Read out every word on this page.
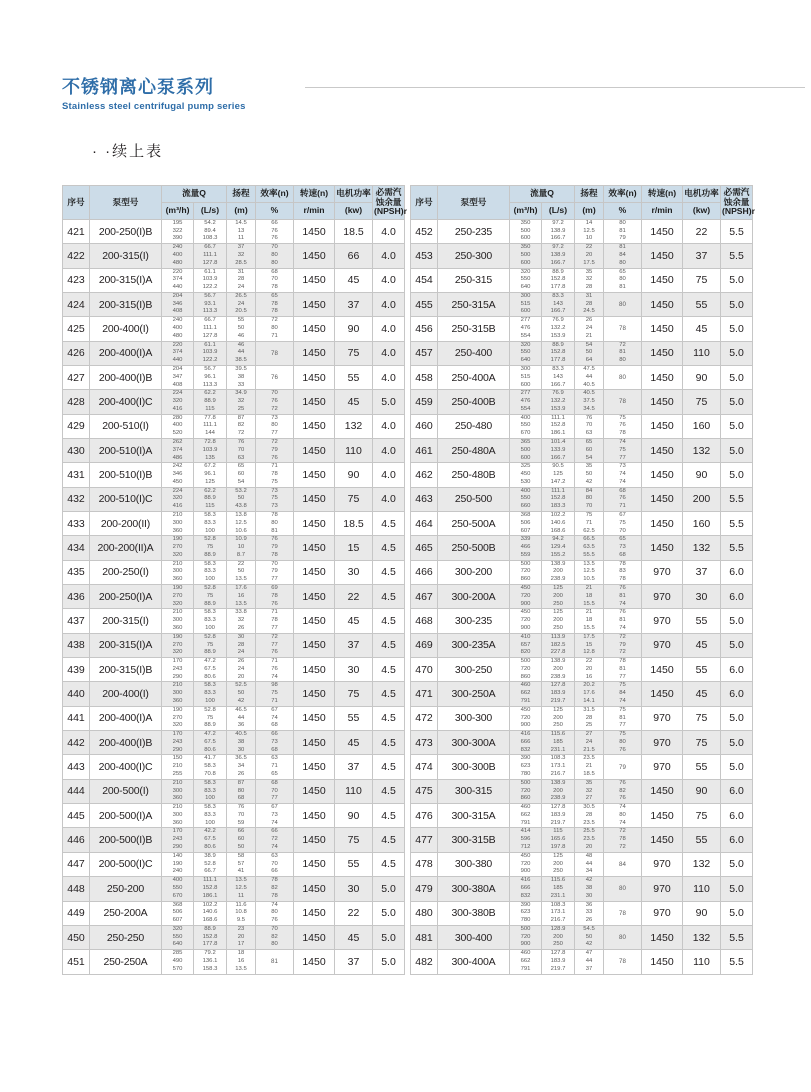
不锈钢离心泵系列

Stainless steel centrifugal pump series

· ·续上表
序号	泵型号	流量Q		扬程	效率(n)	转速(n)	电机功率	必需汽蚀余量
(NPSH)r
		(m³/h)	(L/s)	(m)	%	r/min	(kw)	
421	200-250(I)B	195
322
390	54.2
89.4
108.3	14.5
13
11	66
76
76	1450	18.5	4.0
422	200-315(I)	240
400
480	66.7
111.1
127.8	37
32
28.5	70
80
80	1450	66	4.0
423	200-315(I)A	220
374
440	61.1
103.9
122.2	31
28
24	68
70
78	1450	45	4.0
424	200-315(I)B	204
346
408	56.7
93.1
113.3	26.5
24
20.5	65
78
78	1450	37	4.0
425	200-400(I)	240
400
480	66.7
111.1
127.8	55
50
46	72
80
71	1450	90	4.0
426	200-400(I)A	220
374
440	61.1
103.9
122.2	46
44
38.5	78	1450	75	4.0
427	200-400(I)B	204
347
408	56.7
96.1
113.3	39.5
38
33	76	1450	55	4.0
428	200-400(I)C	224
320
416	62.2
88.9
115	34.9
32
25	70
76
72	1450	45	5.0
429	200-510(I)	280
400
520	77.8
111.1
144	87
82
72	73
80
77	1450	132	4.0
430	200-510(I)A	262
374
486	72.8
103.9
135	76
70
63	72
79
76	1450	110	4.0
431	200-510(I)B	242
346
450	67.2
96.1
125	65
60
54	71
78
75	1450	90	4.0
432	200-510(I)C	224
320
416	62.2
88.9
115	53.2
50
43.8	73
75
73	1450	75	4.0
433	200-200(II)	210
300
360	58.3
83.3
100	13.8
12.5
10.6	78
80
81	1450	18.5	4.5
434	200-200(II)A	190
270
320	52.8
75
88.9	10.9
10
8.7	76
79
78	1450	15	4.5
435	200-250(I)	210
300
360	58.3
83.3
100	22
50
13.5	70
79
77	1450	30	4.5
436	200-250(I)A	190
270
320	52.8
75
88.9	17.6
16
13.5	69
78
76	1450	22	4.5
437	200-315(I)	210
300
360	58.3
83.3
100	33.8
32
26	71
78
77	1450	45	4.5
438	200-315(I)A	190
270
320	52.8
75
88.9	30
28
24	72
77
76	1450	37	4.5
439	200-315(I)B	170
243
290	47.2
67.5
80.6	26
24
20	71
76
74	1450	30	4.5
440	200-400(I)	210
300
360	58.3
83.3
100	52.5
50
42	98
75
71	1450	75	4.5
441	200-400(I)A	190
270
320	52.8
75
88.9	46.5
44
36	67
74
68	1450	55	4.5
442	200-400(I)B	170
243
290	47.2
67.5
80.6	40.5
38
30	66
73
68	1450	45	4.5
443	200-400(I)C	150
210
255	41.7
58.3
70.8	36.5
34
26	63
71
65	1450	37	4.5
444	200-500(I)	210
300
360	58.3
83.3
100	87
80
68	68
70
77	1450	110	4.5
445	200-500(I)A	210
300
360	58.3
83.3
100	76
70
59	67
73
74	1450	90	4.5
446	200-500(I)B	170
243
290	42.2
67.5
80.6	66
60
50	66
72
74	1450	75	4.5
447	200-500(I)C	140
190
240	38.9
52.8
66.7	58
57
41	63
70
66	1450	55	4.5
448	250-200	400
550
670	111.1
152.8
186.1	13.5
12.5
11	78
82
78	1450	30	5.0
449	250-200A	368
506
607	102.2
140.6
168.6	11.6
10.8
9.5	74
80
76	1450	22	5.0
450	250-250	320
550
640	88.9
152.8
177.8	23
20
17	70
82
80	1450	45	5.0
451	250-250A	285
490
570	79.2
136.1
158.3	18
16
13.5	81	1450	37	5.0
序号	泵型号	流量Q		扬程	效率(n)	转速(n)	电机功率	必需汽蚀余量
(NPSH)r
		(m³/h)	(L/s)	(m)	%	r/min	(kw)	
452	250-235	350
500
600	97.2
138.9
166.7	14
12.5
10	80
81
79	1450	22	5.5
453	250-300	350
500
600	97.2
138.9
166.7	22
20
17.5	81
84
80	1450	37	5.5
454	250-315	320
550
640	88.9
152.8
177.8	35
32
28	65
80
81	1450	75	5.0
455	250-315A	300
515
600	83.3
143
166.7	31
28
24.5	80	1450	55	5.0
456	250-315B	277
476
554	76.9
132.2
153.9	26
24
21	78	1450	45	5.0
457	250-400	320
550
640	88.9
152.8
177.8	54
50
64	72
81
80	1450	110	5.0
458	250-400A	300
515
600	83.3
143
166.7	47.5
44
40.5	80	1450	90	5.0
459	250-400B	277
476
554	76.9
132.2
153.9	40.5
37.5
34.5	78	1450	75	5.0
460	250-480	400
550
670	111.1
152.8
186.1	76
70
63	75
76
78	1450	160	5.0
461	250-480A	365
500
600	101.4
133.9
166.7	65
60
54	74
75
77	1450	132	5.0
462	250-480B	325
450
530	90.5
125
147.2	35
50
42	73
74
74	1450	90	5.0
463	250-500	400
550
660	111.1
152.8
183.3	84
80
70	68
76
71	1450	200	5.5
464	250-500A	368
506
607	102.2
140.6
168.6	75
71
62.5	67
75
70	1450	160	5.5
465	250-500B	339
466
559	94.2
129.4
155.2	66.5
63.5
55.5	65
73
68	1450	132	5.5
466	300-200	500
720
860	138.9
200
238.9	13.5
12.5
10.5	78
83
78	970	37	6.0
467	300-200A	450
720
900	125
200
250	21
18
15.5	76
81
74	970	30	6.0
468	300-235	450
720
900	125
200
250	21
18
15.5	76
81
74	970	55	5.0
469	300-235A	410
657
820	113.9
182.5
227.8	17.5
15
12.8	72
79
72	970	45	5.0
470	300-250	500
720
860	138.9
200
238.9	22
20
16	78
81
77	1450	55	6.0
471	300-250A	460
662
791	127.8
183.9
219.7	20.2
17.6
14.1	75
84
74	1450	45	6.0
472	300-300	450
720
900	125
200
250	31.5
28
25	75
81
77	970	75	5.0
473	300-300A	416
666
832	115.6
185
231.1	27
24
21.5	75
80
76	970	75	5.0
474	300-300B	390
623
780	108.3
173.1
216.7	23.5
21
18.5	79	970	55	5.0
475	300-315	500
720
860	138.9
200
238.9	35
32
27	76
82
76	1450	90	6.0
476	300-315A	460
662
791	127.8
183.9
219.7	30.5
28
23.5	74
80
74	1450	75	6.0
477	300-315B	414
596
712	115
165.6
197.8	25.5
23.5
20	72
78
72	1450	55	6.0
478	300-380	450
720
900	125
200
250	48
44
34	84	970	132	5.0
479	300-380A	416
666
832	115.6
185
231.1	42
38
30	80	970	110	5.0
480	300-380B	390
623
780	108.3
173.1
216.7	36
33
26	78	970	90	5.0
481	300-400	500
720
900	128.9
200
250	54.5
50
42	80	1450	132	5.5
482	300-400A	460
662
791	127.8
183.9
219.7	47
44
37	78	1450	110	5.5
